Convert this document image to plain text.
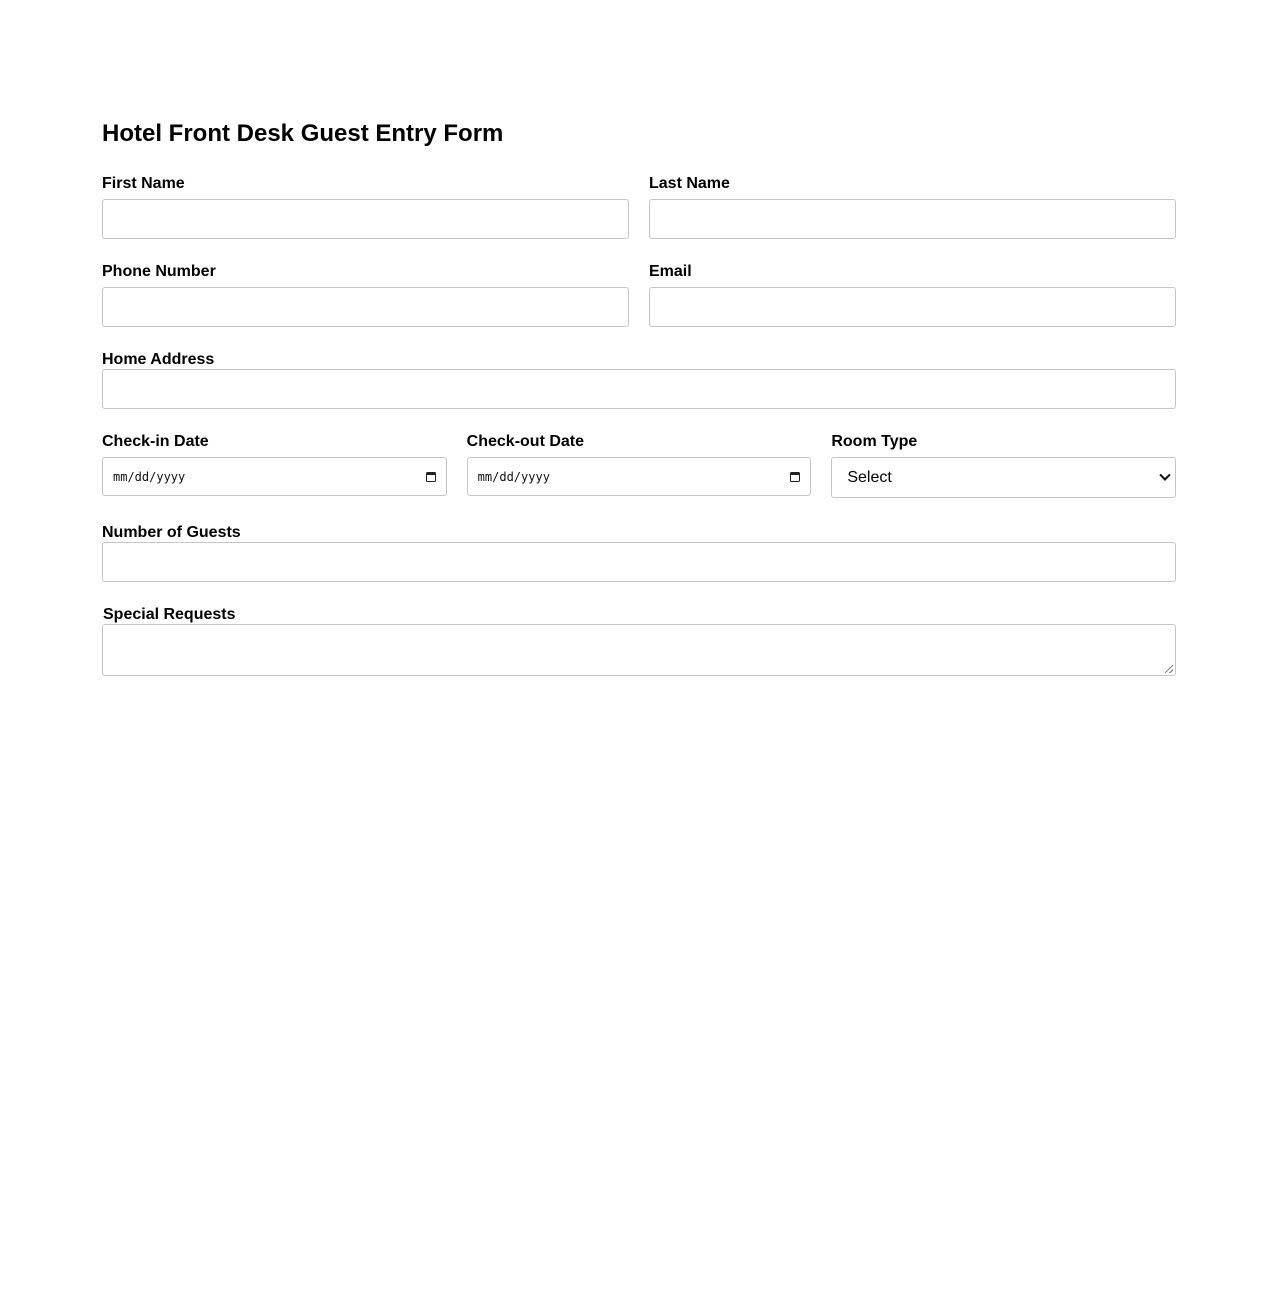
Hotel Front Desk Guest Entry Form
First Name	Last Name
Phone Number	Email
Home Address
Check-in Date
mm/dd/yyyy
Check-out Date
mm/dd/yyyy
Room Type
Select
Number of Guests
Special Requests
